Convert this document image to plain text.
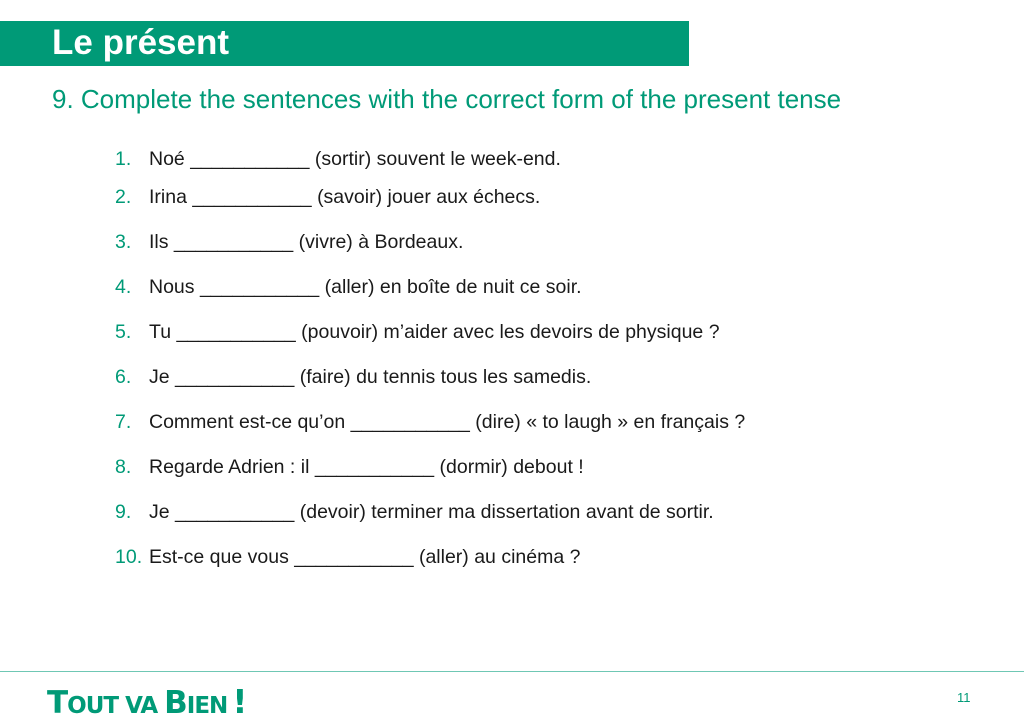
Le présent
9. Complete the sentences with the correct form of the present tense
1. Noé ___________ (sortir) souvent le week-end.
2. Irina ___________ (savoir) jouer aux échecs.
3. Ils ___________ (vivre) à Bordeaux.
4. Nous ___________ (aller) en boîte de nuit ce soir.
5. Tu ___________ (pouvoir) m’aider avec les devoirs de physique ?
6. Je ___________ (faire) du tennis tous les samedis.
7. Comment est-ce qu’on ___________ (dire) « to laugh » en français ?
8. Regarde Adrien : il ___________ (dormir) debout !
9. Je ___________ (devoir) terminer ma dissertation avant de sortir.
10. Est-ce que vous ___________ (aller) au cinéma ?
TOUT VA BIEN !	11
